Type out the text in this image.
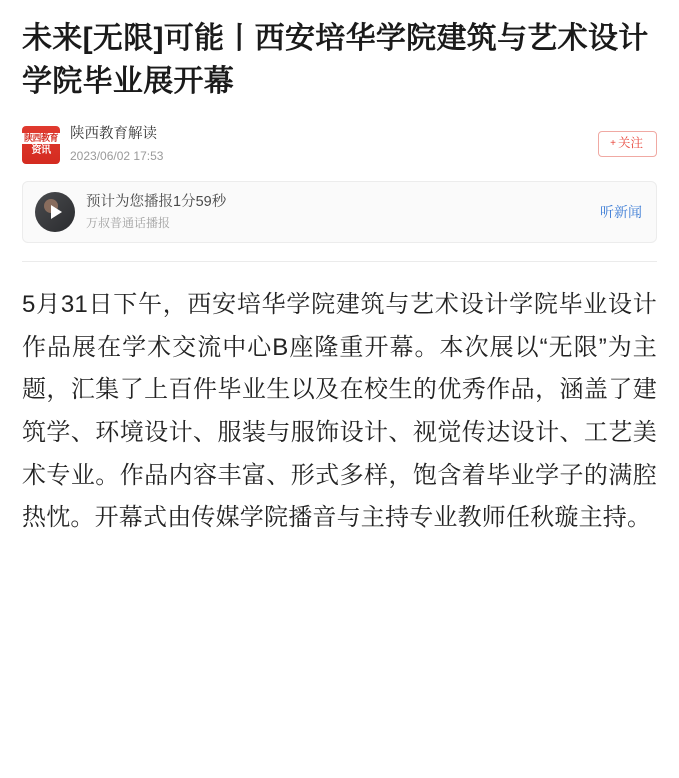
未来[无限]可能丨西安培华学院建筑与艺术设计学院毕业展开幕
陕西教育
资讯
陕西教育解读
2023/06/02 17:53
+ 关注
预计为您播报1分59秒
万叔普通话播报
听新闻

5月31日下午，西安培华学院建筑与艺术设计学院毕业设计作品展在学术交流中心B座隆重开幕。本次展以“无限”为主题，汇集了上百件毕业生以及在校生的优秀作品，涵盖了建筑学、环境设计、服装与服饰设计、视觉传达设计、工艺美术专业。作品内容丰富、形式多样，饱含着毕业学子的满腔热忱。开幕式由传媒学院播音与主持专业教师任秋璇主持。
